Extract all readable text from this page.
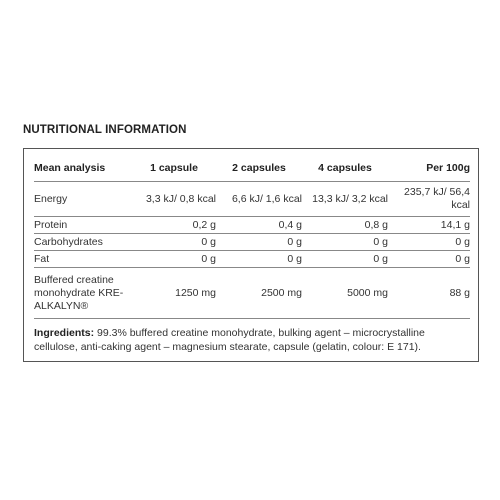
NUTRITIONAL INFORMATION
Mean analysis	1 capsule	2 capsules	4 capsules	Per 100g
Energy	3,3 kJ/ 0,8 kcal	6,6 kJ/ 1,6 kcal	13,3 kJ/ 3,2 kcal	235,7 kJ/ 56,4 kcal
Protein	0,2 g	0,4 g	0,8 g	14,1 g
Carbohydrates	0 g	0 g	0 g	0 g
Fat	0 g	0 g	0 g	0 g
Buffered creatine monohydrate KRE-ALKALYN®	1250 mg	2500 mg	5000 mg	88 g
Ingredients: 99.3% buffered creatine monohydrate, bulking agent – microcrystalline cellulose, anti-caking agent – magnesium stearate, capsule (gelatin, colour: E 171).
